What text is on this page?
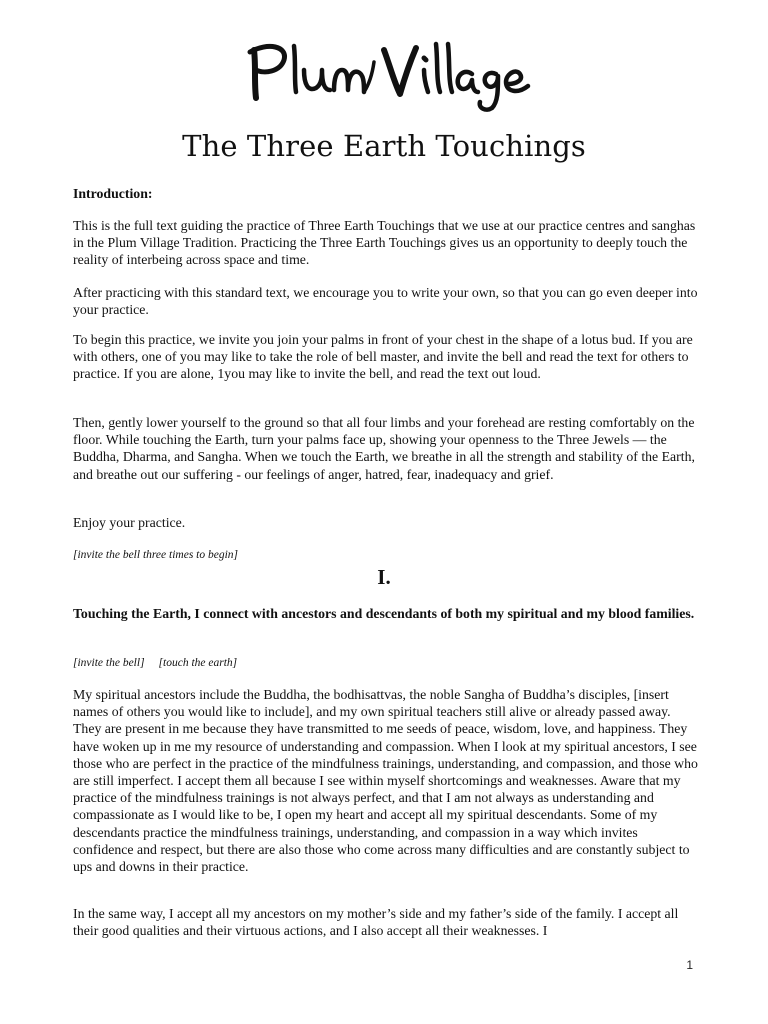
The Three Earth Touchings
Introduction:

This is the full text guiding the practice of Three Earth Touchings that we use at our practice centres and sanghas in the Plum Village Tradition. Practicing the Three Earth Touchings gives us an opportunity to deeply touch the reality of interbeing across space and time.

After practicing with this standard text, we encourage you to write your own, so that you can go even deeper into your practice.

To begin this practice, we invite you join your palms in front of your chest in the shape of a lotus bud. If you are with others, one of you may like to take the role of bell master, and invite the bell and read the text for others to practice. If you are alone, 1you may like to invite the bell, and read the text out loud.

Then, gently lower yourself to the ground so that all four limbs and your forehead are resting comfortably on the floor. While touching the Earth, turn your palms face up, showing your openness to the Three Jewels — the Buddha, Dharma, and Sangha. When we touch the Earth, we breathe in all the strength and stability of the Earth, and breathe out our suffering - our feelings of anger, hatred, fear, inadequacy and grief.

Enjoy your practice.

[invite the bell three times to begin]
I.
Touching the Earth, I connect with ancestors and descendants of both my spiritual and my blood families.
[invite the bell] [touch the earth]

My spiritual ancestors include the Buddha, the bodhisattvas, the noble Sangha of Buddha’s disciples, [insert names of others you would like to include], and my own spiritual teachers still alive or already passed away. They are present in me because they have transmitted to me seeds of peace, wisdom, love, and happiness. They have woken up in me my resource of understanding and compassion. When I look at my spiritual ancestors, I see those who are perfect in the practice of the mindfulness trainings, understanding, and compassion, and those who are still imperfect. I accept them all because I see within myself shortcomings and weaknesses. Aware that my practice of the mindfulness trainings is not always perfect, and that I am not always as understanding and compassionate as I would like to be, I open my heart and accept all my spiritual descendants. Some of my descendants practice the mindfulness trainings, understanding, and compassion in a way which invites confidence and respect, but there are also those who come across many difficulties and are constantly subject to ups and downs in their practice.

In the same way, I accept all my ancestors on my mother’s side and my father’s side of the family. I accept all their good qualities and their virtuous actions, and I also accept all their weaknesses. I

1
